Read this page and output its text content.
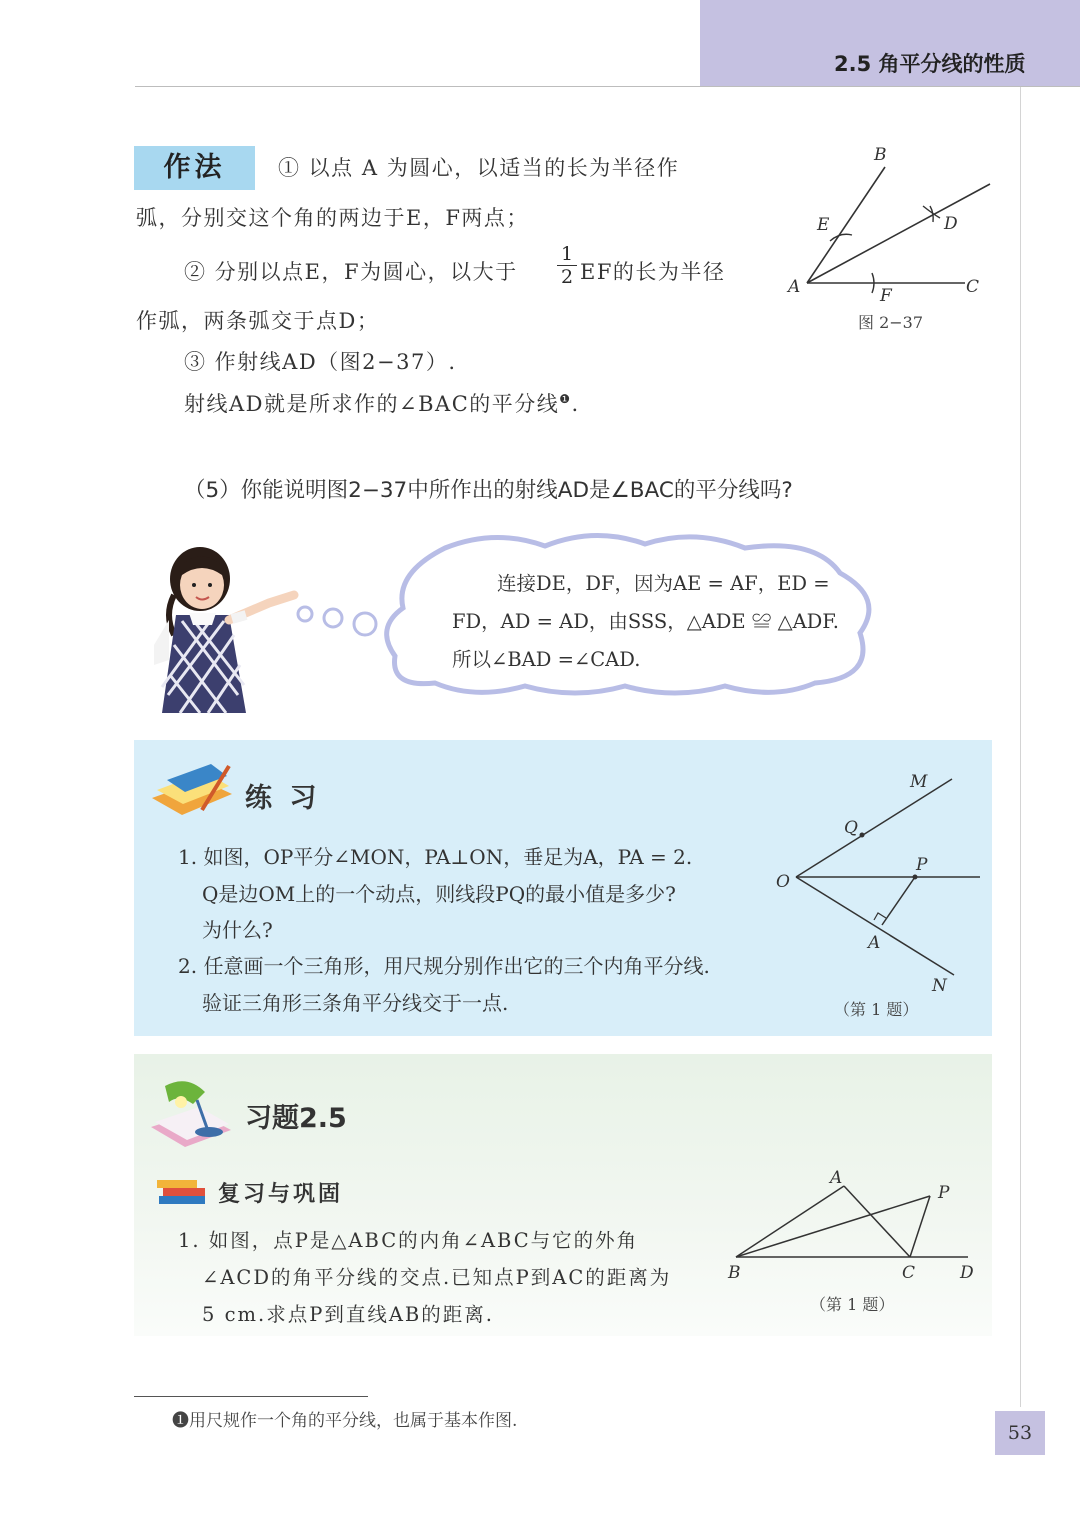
2.5 角平分线的性质
作法	① 以点 A 为圆心，以适当的长为半径作
弧，分别交这个角的两边于E，F两点；
② 分别以点E，F为圆心，以大于 $\frac{1}{2}$ EF的长为半径
作弧，两条弧交于点D；
③ 作射线AD（图2−37）.
射线AD就是所求作的∠BAC的平分线$^❶$.
B
E	D
A	F	C
图 2−37
（5）你能说明图2−37中所作出的射线AD是∠BAC的平分线吗?
连接DE，DF，因为AE = AF，ED =
FD，AD = AD，由SSS，△ADE ≌ △ADF.
所以∠BAD =∠CAD.
练 习
1. 如图，OP平分∠MON，PA⊥ON，垂足为A，PA = 2.
Q是边OM上的一个动点，则线段PQ的最小值是多少?
为什么?
2. 任意画一个三角形，用尺规分别作出它的三个内角平分线.
验证三角形三条角平分线交于一点.
M
Q
P
O
A
N
（第 1 题）
习题2.5
复习与巩固
1. 如图，点P是△ABC的内角∠ABC与它的外角
∠ACD的角平分线的交点.已知点P到AC的距离为
5 cm.求点P到直线AB的距离.
A
P
B	C	D
（第 1 题）
❶用尺规作一个角的平分线，也属于基本作图.
53
